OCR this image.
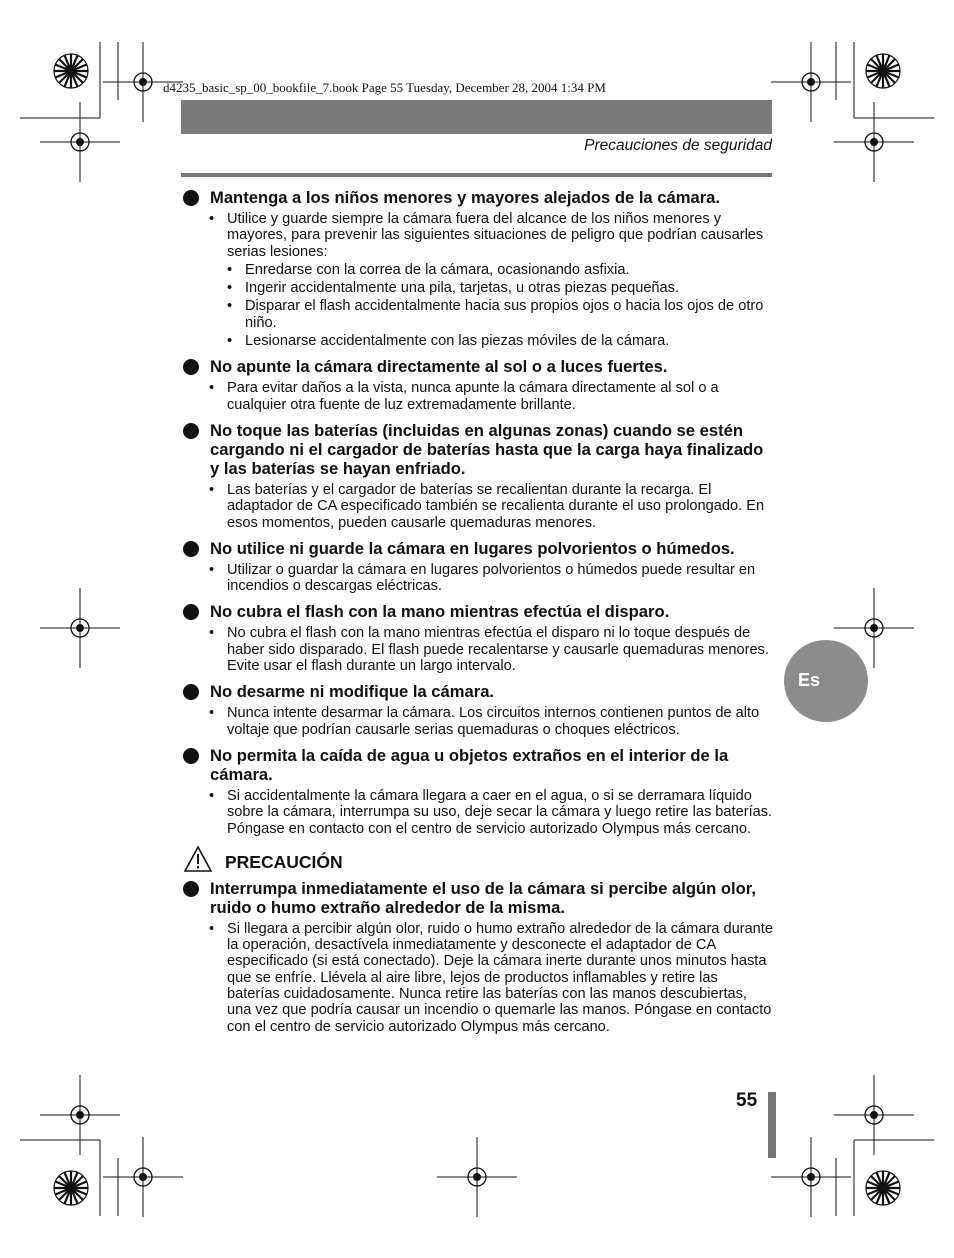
d4235_basic_sp_00_bookfile_7.book Page 55 Tuesday, December 28, 2004 1:34 PM
Precauciones de seguridad
Mantenga a los niños menores y mayores alejados de la cámara.
• Utilice y guarde siempre la cámara fuera del alcance de los niños menores y mayores, para prevenir las siguientes situaciones de peligro que podrían causarles serias lesiones:
• Enredarse con la correa de la cámara, ocasionando asfixia.
• Ingerir accidentalmente una pila, tarjetas, u otras piezas pequeñas.
• Disparar el flash accidentalmente hacia sus propios ojos o hacia los ojos de otro niño.
• Lesionarse accidentalmente con las piezas móviles de la cámara.
No apunte la cámara directamente al sol o a luces fuertes.
• Para evitar daños a la vista, nunca apunte la cámara directamente al sol o a cualquier otra fuente de luz extremadamente brillante.
No toque las baterías (incluidas en algunas zonas) cuando se estén cargando ni el cargador de baterías hasta que la carga haya finalizado y las baterías se hayan enfriado.
• Las baterías y el cargador de baterías se recalientan durante la recarga. El adaptador de CA especificado también se recalienta durante el uso prolongado. En esos momentos, pueden causarle quemaduras menores.
No utilice ni guarde la cámara en lugares polvorientos o húmedos.
• Utilizar o guardar la cámara en lugares polvorientos o húmedos puede resultar en incendios o descargas eléctricas.
No cubra el flash con la mano mientras efectúa el disparo.
• No cubra el flash con la mano mientras efectúa el disparo ni lo toque después de haber sido disparado. El flash puede recalentarse y causarle quemaduras menores. Evite usar el flash durante un largo intervalo.
No desarme ni modifique la cámara.
• Nunca intente desarmar la cámara. Los circuitos internos contienen puntos de alto voltaje que podrían causarle serias quemaduras o choques eléctricos.
No permita la caída de agua u objetos extraños en el interior de la cámara.
• Si accidentalmente la cámara llegara a caer en el agua, o si se derramara líquido sobre la cámara, interrumpa su uso, deje secar la cámara y luego retire las baterías. Póngase en contacto con el centro de servicio autorizado Olympus más cercano.
PRECAUCIÓN
Interrumpa inmediatamente el uso de la cámara si percibe algún olor, ruido o humo extraño alrededor de la misma.
• Si llegara a percibir algún olor, ruido o humo extraño alrededor de la cámara durante la operación, desactívela inmediatamente y desconecte el adaptador de CA especificado (si está conectado). Deje la cámara inerte durante unos minutos hasta que se enfríe. Llévela al aire libre, lejos de productos inflamables y retire las baterías cuidadosamente. Nunca retire las baterías con las manos descubiertas, una vez que podría causar un incendio o quemarle las manos. Póngase en contacto con el centro de servicio autorizado Olympus más cercano.
Es
55
